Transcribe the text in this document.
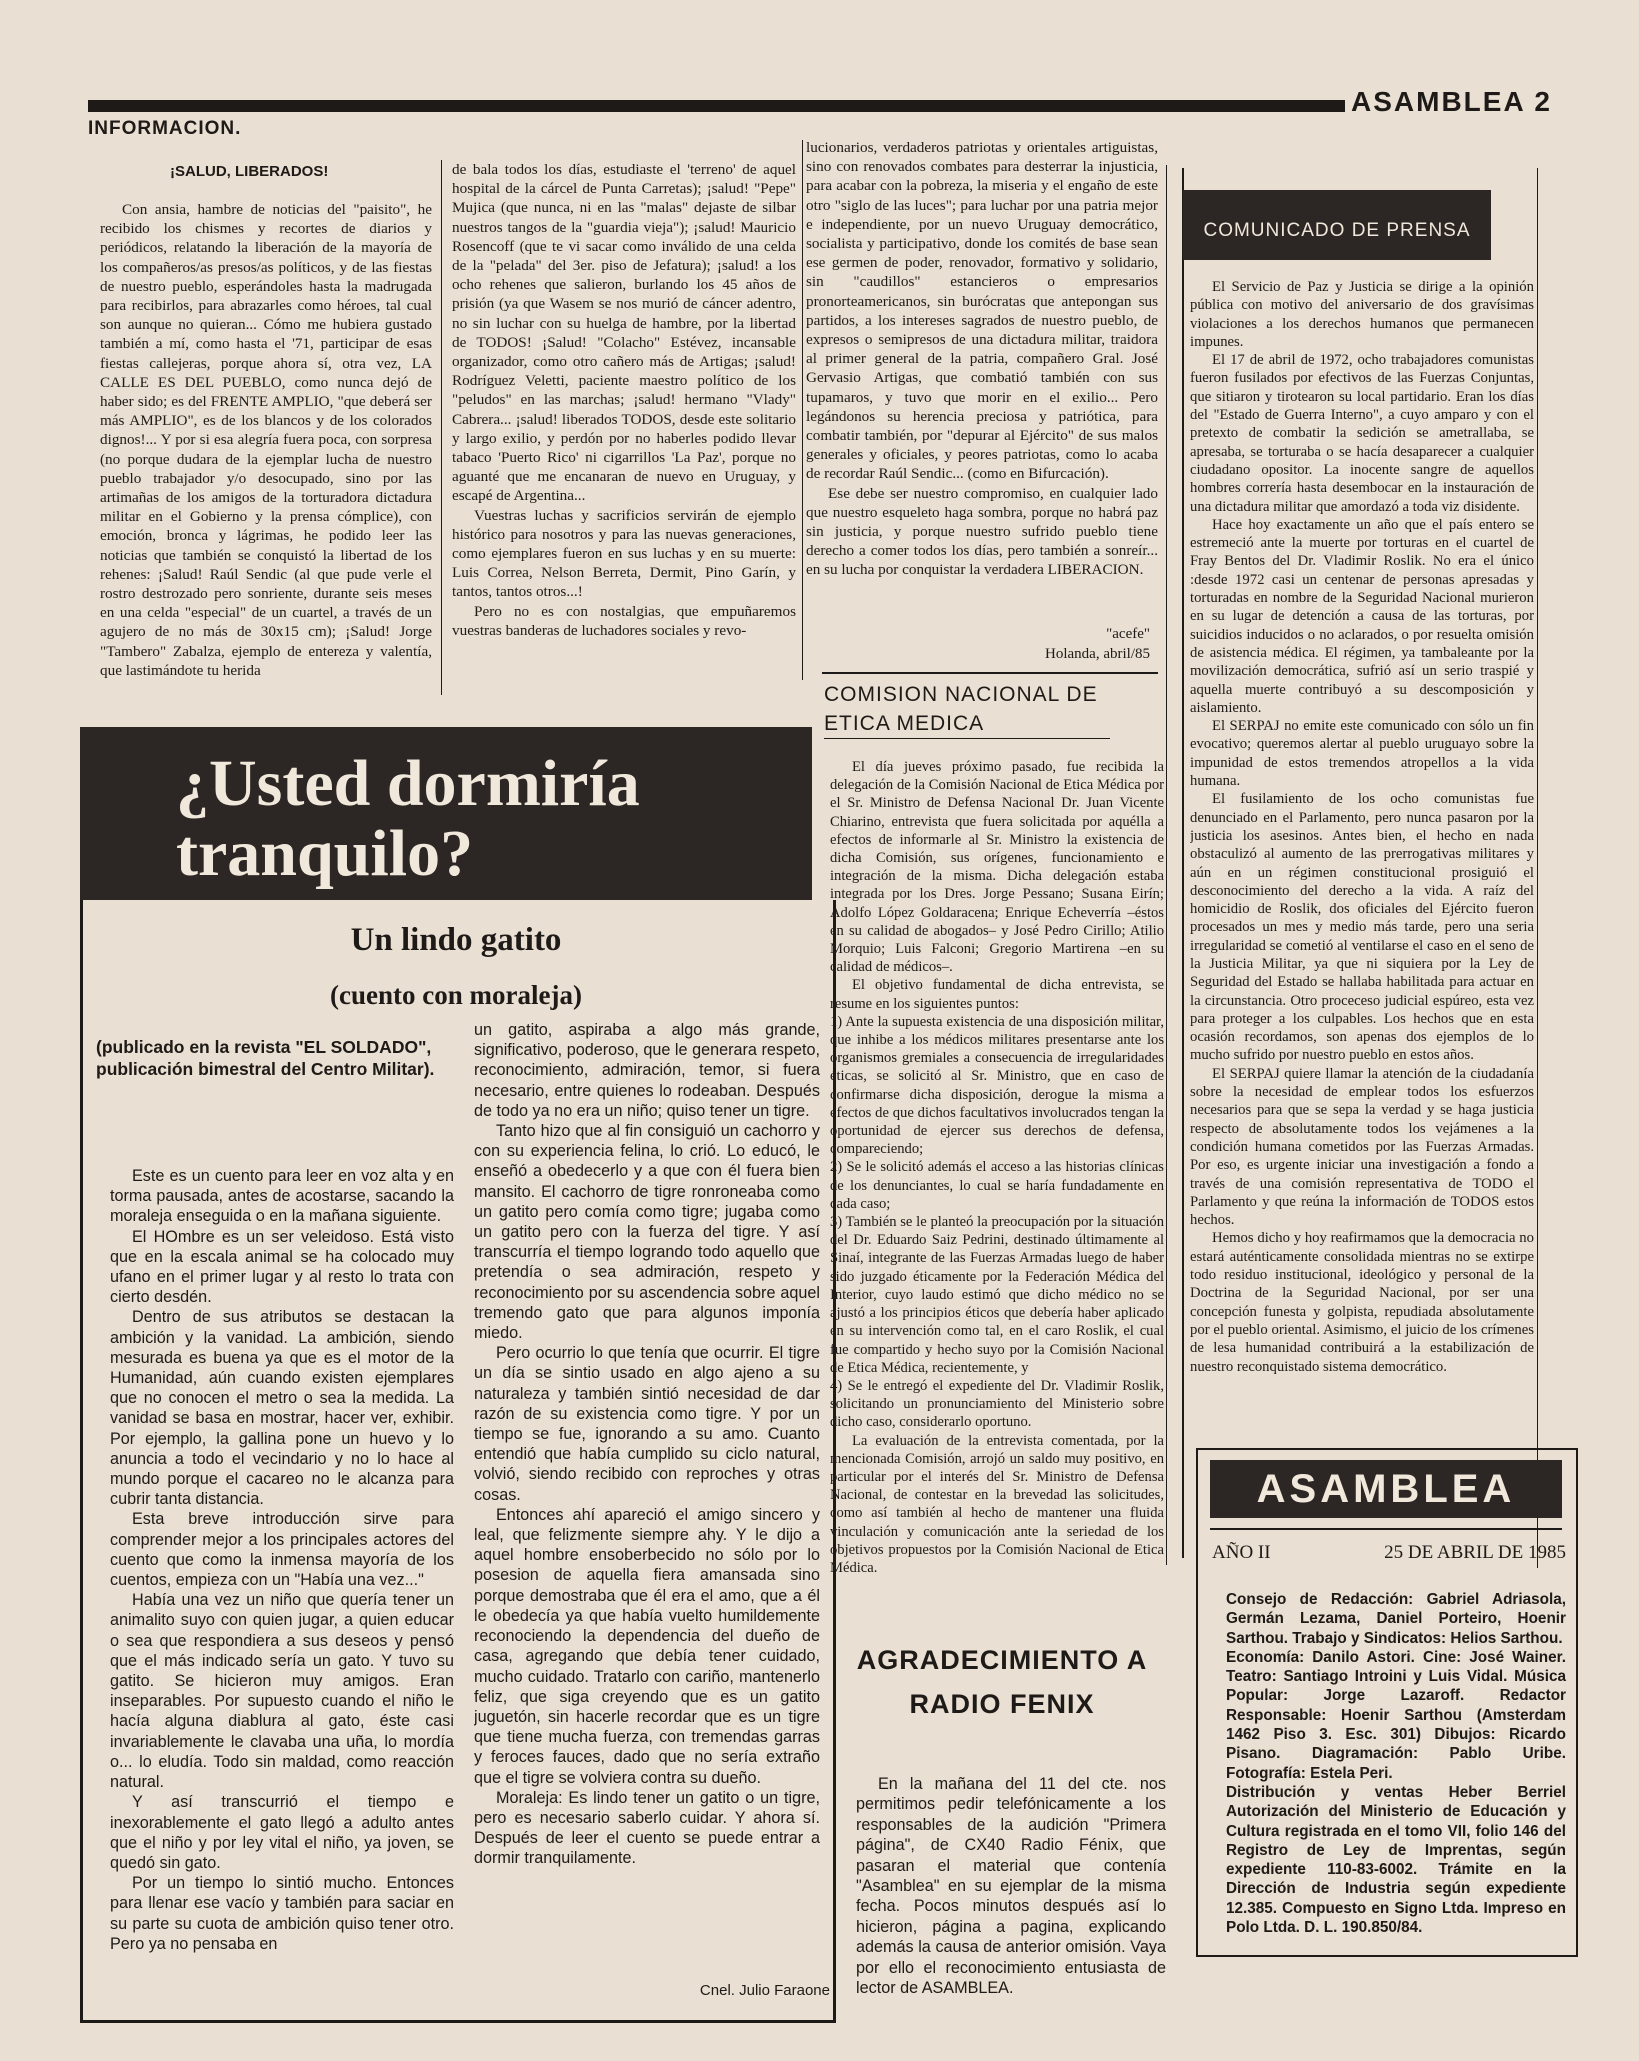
INFORMACION.
ASAMBLEA 2
¡SALUD, LIBERADOS!

Con ansia, hambre de noticias del "paisito", he recibido los chismes y recortes de diarios y periódicos, relatando la liberación de la mayoría de los compañeros/as presos/as políticos, y de las fiestas de nuestro pueblo, esperándoles hasta la madrugada para recibirlos, para abrazarles como héroes, tal cual son aunque no quieran... Cómo me hubiera gustado también a mí, como hasta el '71, participar de esas fiestas callejeras, porque ahora sí, otra vez, LA CALLE ES DEL PUEBLO, como nunca dejó de haber sido; es del FRENTE AMPLIO, "que deberá ser más AMPLIO", es de los blancos y de los colorados dignos!... Y por si esa alegría fuera poca, con sorpresa (no porque dudara de la ejemplar lucha de nuestro pueblo trabajador y/o desocupado, sino por las artimañas de los amigos de la torturadora dictadura militar en el Gobierno y la prensa cómplice), con emoción, bronca y lágrimas, he podido leer las noticias que también se conquistó la libertad de los rehenes: ¡Salud! Raúl Sendic (al que pude verle el rostro destrozado pero sonriente, durante seis meses en una celda "especial" de un cuartel, a través de un agujero de no más de 30x15 cm); ¡Salud! Jorge "Tambero" Zabalza, ejemplo de entereza y valentía, que lastimándote tu herida

de bala todos los días, estudiaste el 'terreno' de aquel hospital de la cárcel de Punta Carretas); ¡salud! "Pepe" Mujica (que nunca, ni en las "malas" dejaste de silbar nuestros tangos de la "guardia vieja"); ¡salud! Mauricio Rosencoff (que te vi sacar como inválido de una celda de la "pelada" del 3er. piso de Jefatura); ¡salud! a los ocho rehenes que salieron, burlando los 45 años de prisión (ya que Wasem se nos murió de cáncer adentro, no sin luchar con su huelga de hambre, por la libertad de TODOS! ¡Salud! "Colacho" Estévez, incansable organizador, como otro cañero más de Artigas; ¡salud! Rodríguez Veletti, paciente maestro político de los "peludos" en las marchas; ¡salud! hermano "Vlady" Cabrera... ¡salud! liberados TODOS, desde este solitario y largo exilio, y perdón por no haberles podido llevar tabaco 'Puerto Rico' ni cigarrillos 'La Paz', porque no aguanté que me encanaran de nuevo en Uruguay, y escapé de Argentina...

Vuestras luchas y sacrificios servirán de ejemplo histórico para nosotros y para las nuevas generaciones, como ejemplares fueron en sus luchas y en su muerte: Luis Correa, Nelson Berreta, Dermit, Pino Garín, y tantos, tantos otros...!

Pero no es con nostalgias, que empuñaremos vuestras banderas de luchadores sociales y revo-

lucionarios, verdaderos patriotas y orientales artiguistas, sino con renovados combates para desterrar la injusticia, para acabar con la pobreza, la miseria y el engaño de este otro "siglo de las luces"; para luchar por una patria mejor e independiente, por un nuevo Uruguay democrático, socialista y participativo, donde los comités de base sean ese germen de poder, renovador, formativo y solidario, sin "caudillos" estancieros o empresarios pronorteamericanos, sin burócratas que antepongan sus partidos, a los intereses sagrados de nuestro pueblo, de expresos o semipresos de una dictadura militar, traidora al primer general de la patria, compañero Gral. José Gervasio Artigas, que combatió también con sus tupamaros, y tuvo que morir en el exilio... Pero legándonos su herencia preciosa y patriótica, para combatir también, por "depurar al Ejército" de sus malos generales y oficiales, y peores patriotas, como lo acaba de recordar Raúl Sendic... (como en Bifurcación).

Ese debe ser nuestro compromiso, en cualquier lado que nuestro esqueleto haga sombra, porque no habrá paz sin justicia, y porque nuestro sufrido pueblo tiene derecho a comer todos los días, pero también a sonreír... en su lucha por conquistar la verdadera LIBERACION.

"acefe"
Holanda, abril/85
COMUNICADO DE PRENSA

El Servicio de Paz y Justicia se dirige a la opinión pública con motivo del aniversario de dos gravísimas violaciones a los derechos humanos que permanecen impunes.

El 17 de abril de 1972, ocho trabajadores comunistas fueron fusilados por efectivos de las Fuerzas Conjuntas, que sitiaron y tirotearon su local partidario. Eran los días del "Estado de Guerra Interno", a cuyo amparo y con el pretexto de combatir la sedición se ametrallaba, se apresaba, se torturaba o se hacía desaparecer a cualquier ciudadano opositor. La inocente sangre de aquellos hombres correría hasta desembocar en la instauración de una dictadura militar que amordazó a toda viz disidente.

Hace hoy exactamente un año que el país entero se estremeció ante la muerte por torturas en el cuartel de Fray Bentos del Dr. Vladimir Roslik. No era el único :desde 1972 casi un centenar de personas apresadas y torturadas en nombre de la Seguridad Nacional murieron en su lugar de detención a causa de las torturas, por suicidios inducidos o no aclarados, o por resuelta omisión de asistencia médica. El régimen, ya tambaleante por la movilización democrática, sufrió así un serio traspié y aquella muerte contribuyó a su descomposición y aislamiento.

El SERPAJ no emite este comunicado con sólo un fin evocativo; queremos alertar al pueblo uruguayo sobre la impunidad de estos tremendos atropellos a la vida humana.

El fusilamiento de los ocho comunistas fue denunciado en el Parlamento, pero nunca pasaron por la justicia los asesinos. Antes bien, el hecho en nada obstaculizó al aumento de las prerrogativas militares y aún en un régimen constitucional prosiguió el desconocimiento del derecho a la vida. A raíz del homicidio de Roslik, dos oficiales del Ejército fueron procesados un mes y medio más tarde, pero una seria irregularidad se cometió al ventilarse el caso en el seno de la Justicia Militar, ya que ni siquiera por la Ley de Seguridad del Estado se hallaba habilitada para actuar en la circunstancia. Otro proceceso judicial espúreo, esta vez para proteger a los culpables. Los hechos que en esta ocasión recordamos, son apenas dos ejemplos de lo mucho sufrido por nuestro pueblo en estos años.

El SERPAJ quiere llamar la atención de la ciudadanía sobre la necesidad de emplear todos los esfuerzos necesarios para que se sepa la verdad y se haga justicia respecto de absolutamente todos los vejámenes a la condición humana cometidos por las Fuerzas Armadas. Por eso, es urgente iniciar una investigación a fondo a través de una comisión representativa de TODO el Parlamento y que reúna la información de TODOS estos hechos.

Hemos dicho y hoy reafirmamos que la democracia no estará auténticamente consolidada mientras no se extirpe todo residuo institucional, ideológico y personal de la Doctrina de la Seguridad Nacional, por ser una concepción funesta y golpista, repudiada absolutamente por el pueblo oriental. Asimismo, el juicio de los crímenes de lesa humanidad contribuirá a la estabilización de nuestro reconquistado sistema democrático.

COMISION NACIONAL DE
ETICA MEDICA

El día jueves próximo pasado, fue recibida la delegación de la Comisión Nacional de Etica Médica por el Sr. Ministro de Defensa Nacional Dr. Juan Vicente Chiarino, entrevista que fuera solicitada por aquélla a efectos de informarle al Sr. Ministro la existencia de dicha Comisión, sus orígenes, funcionamiento e integración de la misma. Dicha delegación estaba integrada por los Dres. Jorge Pessano; Susana Eirín; Adolfo López Goldaracena; Enrique Echeverría –éstos en su calidad de abogados– y José Pedro Cirillo; Atilio Morquio; Luis Falconi; Gregorio Martirena –en su calidad de médicos–.

El objetivo fundamental de dicha entrevista, se resume en los siguientes puntos:

1) Ante la supuesta existencia de una disposición militar, que inhibe a los médicos militares presentarse ante los organismos gremiales a consecuencia de irregularidades éticas, se solicitó al Sr. Ministro, que en caso de confirmarse dicha disposición, derogue la misma a efectos de que dichos facultativos involucrados tengan la oportunidad de ejercer sus derechos de defensa, compareciendo;

2) Se le solicitó además el acceso a las historias clínicas de los denunciantes, lo cual se haría fundadamente en cada caso;

3) También se le planteó la preocupación por la situación del Dr. Eduardo Saiz Pedrini, destinado últimamente al Sinaí, integrante de las Fuerzas Armadas luego de haber sido juzgado éticamente por la Federación Médica del Interior, cuyo laudo estimó que dicho médico no se ajustó a los principios éticos que debería haber aplicado en su intervención como tal, en el caro Roslik, el cual fue compartido y hecho suyo por la Comisión Nacional de Etica Médica, recientemente, y

4) Se le entregó el expediente del Dr. Vladimir Roslik, solicitando un pronunciamiento del Ministerio sobre dicho caso, considerarlo oportuno.

La evaluación de la entrevista comentada, por la mencionada Comisión, arrojó un saldo muy positivo, en particular por el interés del Sr. Ministro de Defensa Nacional, de contestar en la brevedad las solicitudes, como así también al hecho de mantener una fluida vinculación y comunicación ante la seriedad de los objetivos propuestos por la Comisión Nacional de Etica Médica.

¿Usted dormiría
tranquilo?
Un lindo gatito
(cuento con moraleja)
(publicado en la revista "EL SOLDADO", publicación bimestral del Centro Militar).

Este es un cuento para leer en voz alta y en torma pausada, antes de acostarse, sacando la moraleja enseguida o en la mañana siguiente.

El HOmbre es un ser veleidoso. Está visto que en la escala animal se ha colocado muy ufano en el primer lugar y al resto lo trata con cierto desdén.

Dentro de sus atributos se destacan la ambición y la vanidad. La ambición, siendo mesurada es buena ya que es el motor de la Humanidad, aún cuando existen ejemplares que no conocen el metro o sea la medida. La vanidad se basa en mostrar, hacer ver, exhibir. Por ejemplo, la gallina pone un huevo y lo anuncia a todo el vecindario y no lo hace al mundo porque el cacareo no le alcanza para cubrir tanta distancia.

Esta breve introducción sirve para comprender mejor a los principales actores del cuento que como la inmensa mayoría de los cuentos, empieza con un "Había una vez..."

Había una vez un niño que quería tener un animalito suyo con quien jugar, a quien educar o sea que respondiera a sus deseos y pensó que el más indicado sería un gato. Y tuvo su gatito. Se hicieron muy amigos. Eran inseparables. Por supuesto cuando el niño le hacía alguna diablura al gato, éste casi invariablemente le clavaba una uña, lo mordía o... lo eludía. Todo sin maldad, como reacción natural.

Y así transcurrió el tiempo e inexorablemente el gato llegó a adulto antes que el niño y por ley vital el niño, ya joven, se quedó sin gato.

Por un tiempo lo sintió mucho. Entonces para llenar ese vacío y también para saciar en su parte su cuota de ambición quiso tener otro. Pero ya no pensaba en

un gatito, aspiraba a algo más grande, significativo, poderoso, que le generara respeto, reconocimiento, admiración, temor, si fuera necesario, entre quienes lo rodeaban. Después de todo ya no era un niño; quiso tener un tigre.

Tanto hizo que al fin consiguió un cachorro y con su experiencia felina, lo crió. Lo educó, le enseñó a obedecerlo y a que con él fuera bien mansito. El cachorro de tigre ronroneaba como un gatito pero comía como tigre; jugaba como un gatito pero con la fuerza del tigre. Y así transcurría el tiempo logrando todo aquello que pretendía o sea admiración, respeto y reconocimiento por su ascendencia sobre aquel tremendo gato que para algunos imponía miedo.

Pero ocurrio lo que tenía que ocurrir. El tigre un día se sintio usado en algo ajeno a su naturaleza y también sintió necesidad de dar razón de su existencia como tigre. Y por un tiempo se fue, ignorando a su amo. Cuanto entendió que había cumplido su ciclo natural, volvió, siendo recibido con reproches y otras cosas.

Entonces ahí apareció el amigo sincero y leal, que felizmente siempre ahy. Y le dijo a aquel hombre ensoberbecido no sólo por lo posesion de aquella fiera amansada sino porque demostraba que él era el amo, que a él le obedecía ya que había vuelto humildemente reconociendo la dependencia del dueño de casa, agregando que debía tener cuidado, mucho cuidado. Tratarlo con cariño, mantenerlo feliz, que siga creyendo que es un gatito juguetón, sin hacerle recordar que es un tigre que tiene mucha fuerza, con tremendas garras y feroces fauces, dado que no sería extraño que el tigre se volviera contra su dueño.

Moraleja: Es lindo tener un gatito o un tigre, pero es necesario saberlo cuidar. Y ahora sí. Después de leer el cuento se puede entrar a dormir tranquilamente.

Cnel. Julio Faraone
AGRADECIMIENTO A
RADIO FENIX

En la mañana del 11 del cte. nos permitimos pedir telefónicamente a los responsables de la audición "Primera página", de CX40 Radio Fénix, que pasaran el material que contenía "Asamblea" en su ejemplar de la misma fecha. Pocos minutos después así lo hicieron, página a pagina, explicando además la causa de anterior omisión. Vaya por ello el reconocimiento entusiasta de lector de ASAMBLEA.

ASAMBLEA
AÑO II	25 DE ABRIL DE 1985
Consejo de Redacción: Gabriel Adriasola, Germán Lezama, Daniel Porteiro, Hoenir Sarthou. Trabajo y Sindicatos: Helios Sarthou.
Economía: Danilo Astori. Cine: José Wainer. Teatro: Santiago Introini y Luis Vidal. Música Popular: Jorge Lazaroff. Redactor Responsable: Hoenir Sarthou (Amsterdam 1462 Piso 3. Esc. 301) Dibujos: Ricardo Pisano. Diagramación: Pablo Uribe. Fotografía: Estela Peri.
Distribución y ventas Heber Berriel Autorización del Ministerio de Educación y Cultura registrada en el tomo VII, folio 146 del Registro de Ley de Imprentas, según expediente 110-83-6002. Trámite en la Dirección de Industria según expediente 12.385. Compuesto en Signo Ltda. Impreso en Polo Ltda. D. L. 190.850/84.
